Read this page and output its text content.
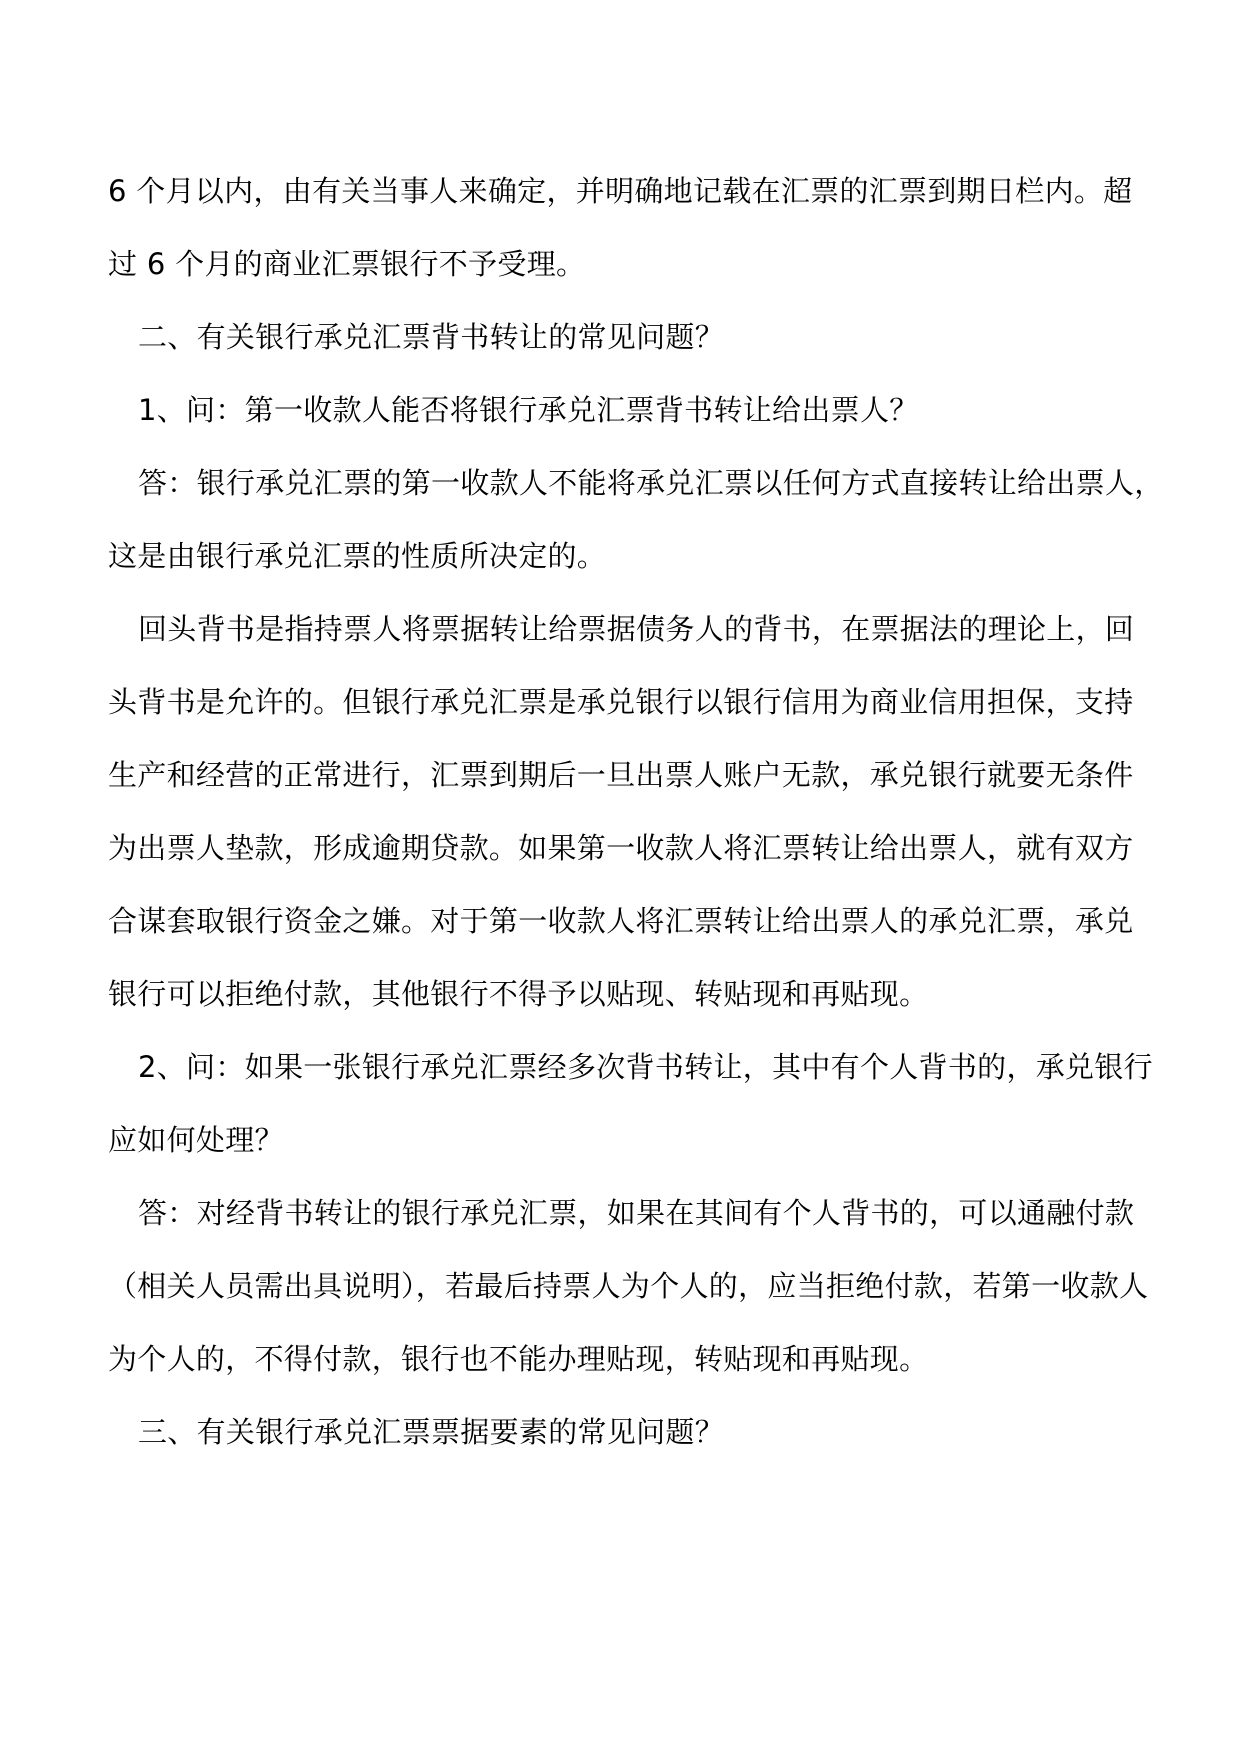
6 个月以内，由有关当事人来确定，并明确地记载在汇票的汇票到期日栏内。超
过 6 个月的商业汇票银行不予受理。
二、有关银行承兑汇票背书转让的常见问题？
1、问：第一收款人能否将银行承兑汇票背书转让给出票人？
答：银行承兑汇票的第一收款人不能将承兑汇票以任何方式直接转让给出票人，
这是由银行承兑汇票的性质所决定的。
回头背书是指持票人将票据转让给票据债务人的背书，在票据法的理论上，回
头背书是允许的。但银行承兑汇票是承兑银行以银行信用为商业信用担保，支持
生产和经营的正常进行，汇票到期后一旦出票人账户无款，承兑银行就要无条件
为出票人垫款，形成逾期贷款。如果第一收款人将汇票转让给出票人，就有双方
合谋套取银行资金之嫌。对于第一收款人将汇票转让给出票人的承兑汇票，承兑
银行可以拒绝付款，其他银行不得予以贴现、转贴现和再贴现。
2、问：如果一张银行承兑汇票经多次背书转让，其中有个人背书的，承兑银行
应如何处理？
答：对经背书转让的银行承兑汇票，如果在其间有个人背书的，可以通融付款
（相关人员需出具说明），若最后持票人为个人的，应当拒绝付款，若第一收款人
为个人的，不得付款，银行也不能办理贴现，转贴现和再贴现。
三、有关银行承兑汇票票据要素的常见问题？
